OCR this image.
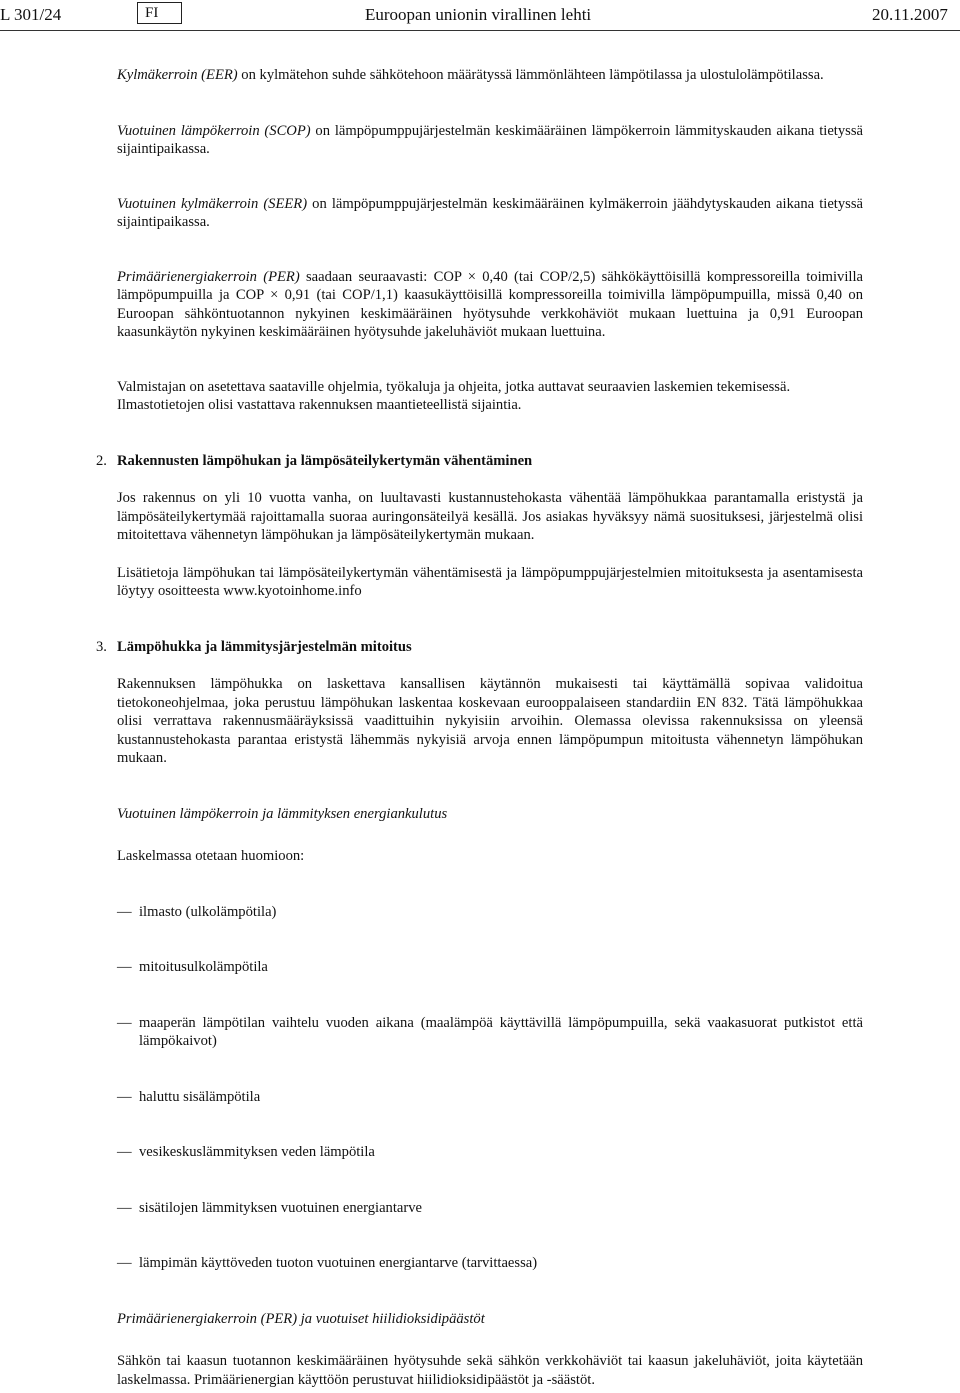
L 301/24	FI	Euroopan unionin virallinen lehti	20.11.2007

Kylmäkerroin (EER) on kylmätehon suhde sähkötehoon määrätyssä lämmönlähteen lämpötilassa ja ulostulolämpötilassa.

Vuotuinen lämpökerroin (SCOP) on lämpöpumppujärjestelmän keskimääräinen lämpökerroin lämmityskauden aikana tietyssä sijaintipaikassa.

Vuotuinen kylmäkerroin (SEER) on lämpöpumppujärjestelmän keskimääräinen kylmäkerroin jäähdytyskauden aikana tietyssä sijaintipaikassa.

Primäärienergiakerroin (PER) saadaan seuraavasti: COP × 0,40 (tai COP/2,5) sähkökäyttöisillä kompressoreilla toimivilla lämpöpumpuilla ja COP × 0,91 (tai COP/1,1) kaasukäyttöisillä kompressoreilla toimivilla lämpöpumpuilla, missä 0,40 on Euroopan sähköntuotannon nykyinen keskimääräinen hyötysuhde verkkohäviöt mukaan luettuina ja 0,91 Euroopan kaasunkäytön nykyinen keskimääräinen hyötysuhde jakeluhäviöt mukaan luettuina.

Valmistajan on asetettava saataville ohjelmia, työkaluja ja ohjeita, jotka auttavat seuraavien laskemien tekemisessä.
Ilmastotietojen olisi vastattava rakennuksen maantieteellistä sijaintia.

2. Rakennusten lämpöhukan ja lämpösäteilykertymän vähentäminen

Jos rakennus on yli 10 vuotta vanha, on luultavasti kustannustehokasta vähentää lämpöhukkaa parantamalla eristystä ja lämpösäteilykertymää rajoittamalla suoraa auringonsäteilyä kesällä. Jos asiakas hyväksyy nämä suosituksesi, järjestelmä olisi mitoitettava vähennetyn lämpöhukan ja lämpösäteilykertymän mukaan.

Lisätietoja lämpöhukan tai lämpösäteilykertymän vähentämisestä ja lämpöpumppujärjestelmien mitoituksesta ja asentamisesta löytyy osoitteesta www.kyotoinhome.info

3. Lämpöhukka ja lämmitysjärjestelmän mitoitus

Rakennuksen lämpöhukka on laskettava kansallisen käytännön mukaisesti tai käyttämällä sopivaa validoitua tietokoneohjelmaa, joka perustuu lämpöhukan laskentaa koskevaan eurooppalaiseen standardiin EN 832. Tätä lämpöhukkaa olisi verrattava rakennusmääräyksissä vaadittuihin nykyisiin arvoihin. Olemassa olevissa rakennuksissa on yleensä kustannustehokasta parantaa eristystä lähemmäs nykyisiä arvoja ennen lämpöpumpun mitoitusta vähennetyn lämpöhukan mukaan.

Vuotuinen lämpökerroin ja lämmityksen energiankulutus

Laskelmassa otetaan huomioon:

— ilmasto (ulkolämpötila)
— mitoitusulkolämpötila
— maaperän lämpötilan vaihtelu vuoden aikana (maalämpöä käyttävillä lämpöpumpuilla, sekä vaakasuorat putkistot että lämpökaivot)
— haluttu sisälämpötila
— vesikeskuslämmityksen veden lämpötila
— sisätilojen lämmityksen vuotuinen energiantarve
— lämpimän käyttöveden tuoton vuotuinen energiantarve (tarvittaessa)

Primäärienergiakerroin (PER) ja vuotuiset hiilidioksidipäästöt

Sähkön tai kaasun tuotannon keskimääräinen hyötysuhde sekä sähkön verkkohäviöt tai kaasun jakeluhäviöt, joita käytetään laskelmassa. Primäärienergian käyttöön perustuvat hiilidioksidipäästöt ja -säästöt.
